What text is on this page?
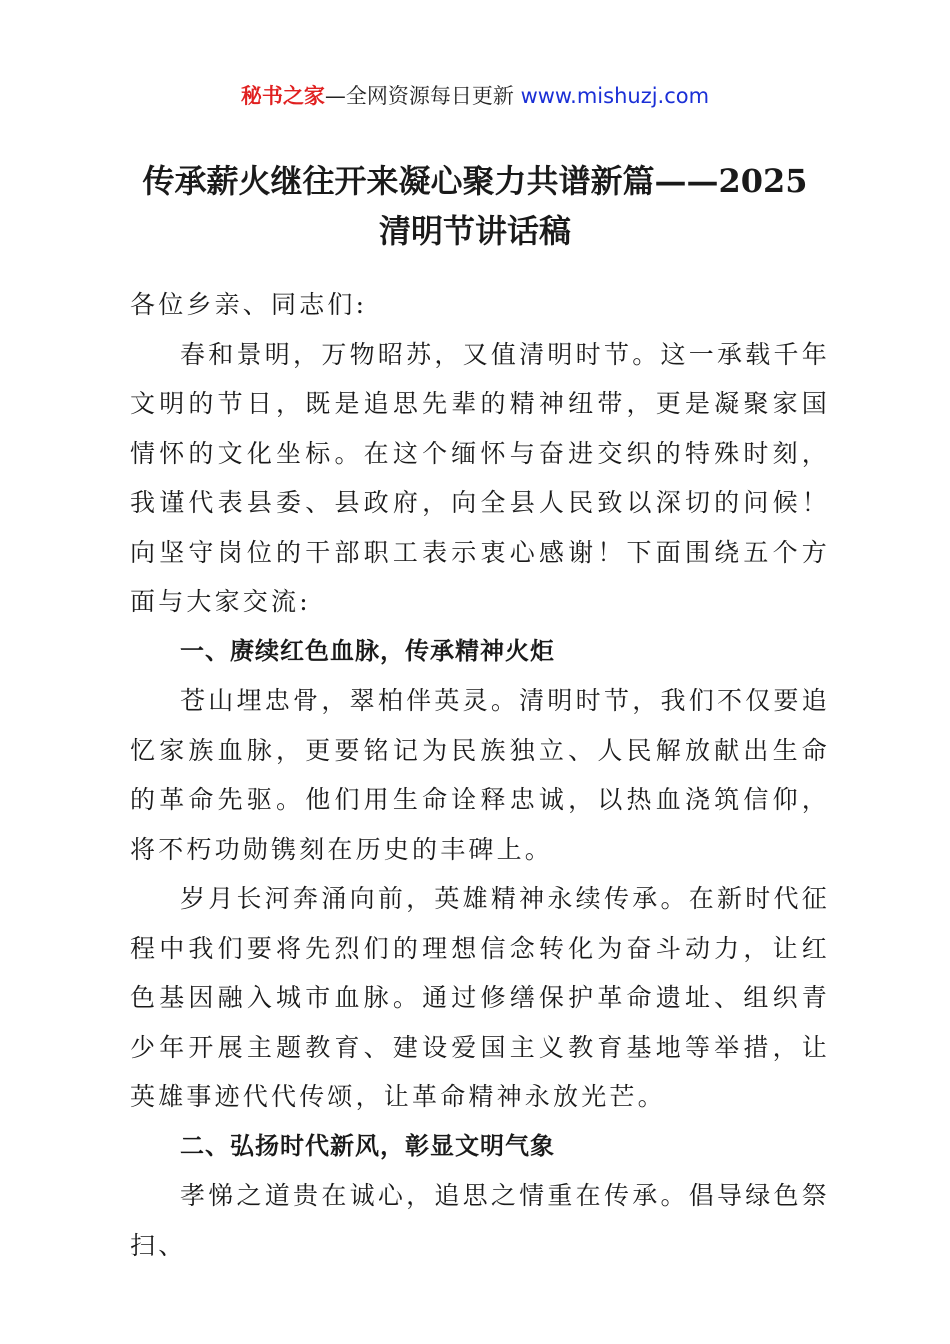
秘书之家—全网资源每日更新 www.mishuzj.com
传承薪火继往开来凝心聚力共谱新篇——2025
清明节讲话稿

各位乡亲、同志们:

春和景明，万物昭苏，又值清明时节。这一承载千年文明的节日，既是追思先辈的精神纽带，更是凝聚家国情怀的文化坐标。在这个缅怀与奋进交织的特殊时刻，我谨代表县委、县政府，向全县人民致以深切的问候！向坚守岗位的干部职工表示衷心感谢！下面围绕五个方面与大家交流:

一、赓续红色血脉，传承精神火炬

苍山埋忠骨，翠柏伴英灵。清明时节，我们不仅要追忆家族血脉，更要铭记为民族独立、人民解放献出生命的革命先驱。他们用生命诠释忠诚，以热血浇筑信仰，将不朽功勋镌刻在历史的丰碑上。

岁月长河奔涌向前，英雄精神永续传承。在新时代征程中我们要将先烈们的理想信念转化为奋斗动力，让红色基因融入城市血脉。通过修缮保护革命遗址、组织青少年开展主题教育、建设爱国主义教育基地等举措，让英雄事迹代代传颂，让革命精神永放光芒。

二、弘扬时代新风，彰显文明气象

孝悌之道贵在诚心，追思之情重在传承。倡导绿色祭扫、
